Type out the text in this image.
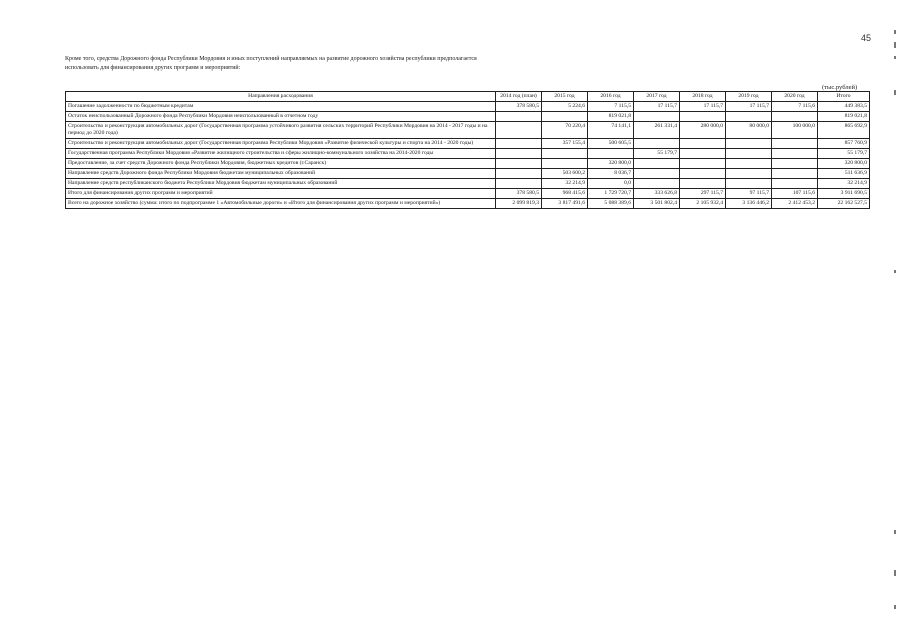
45

Кроме того, средства Дорожного фонда Республики Мордовия и иных поступлений направляемых на развитие дорожного хозяйства республики предполагается использовать для финансирования других программ и мероприятий:

(тыс.рублей)
Направления расходования	2014 год (план)	2015 год	2016 год	2017 год	2018 год	2019 год	2020 год	Итого
Погашение задолженности по бюджетным кредитам	378 580,5	5 224,6	7 115,5	17 115,7	17 115,7	17 115,7	7 115,6	449 383,5
Остаток неиспользованный Дорожного фонда Республики Мордовия неиспользованный в отчетном году			819 021,8					819 021,8
Строительство и реконструкция автомобильных дорог (Государственная программа устойчивого развития сельских территорий Республики Мордовия на 2014 - 2017 годы и на период до 2020 года)		70 220,4	74 141,1	261 331,4	280 000,0	80 000,0	100 000,0	865 692,9
Строительство и реконструкция автомобильных дорог (Государственная программа Республики Мордовия «Развитие физической культуры и спорта на 2014 - 2020 годы)		357 155,4	500 605,5					857 760,9
Государственная программа Республики Мордовия «Развитие жилищного строительства и сферы жилищно-коммунального хозяйства на 2014-2020 годы				55 179,7				55 179,7
Предоставление, за счет средств Дорожного фонда Республики Мордовия, бюджетных кредитов (г.Саранск)			320 800,0					320 800,0
Направление средств Дорожного фонда Республики Мордовия бюджетам муниципальных образований		503 600,2	8 036,7					511 636,9
Направление средств республиканского бюджета Республики Мордовия бюджетам муниципальных образований		32 214,9	0,0					32 214,9
Итого для финансирования других программ и мероприятий	378 580,5	968 415,6	1 729 720,7	333 626,8	297 115,7	97 115,7	107 115,6	3 911 690,5
Всего на дорожное хозяйство (сумма: итого по подпрограмме 1 «Автомобильные дороги» и «Итого для финансирования других программ и мероприятий»)	2 099 819,3	3 817 491,6	5 088 389,6	3 501 802,4	2 105 932,4	3 136 446,2	2 412 453,2	22 162 527,5
